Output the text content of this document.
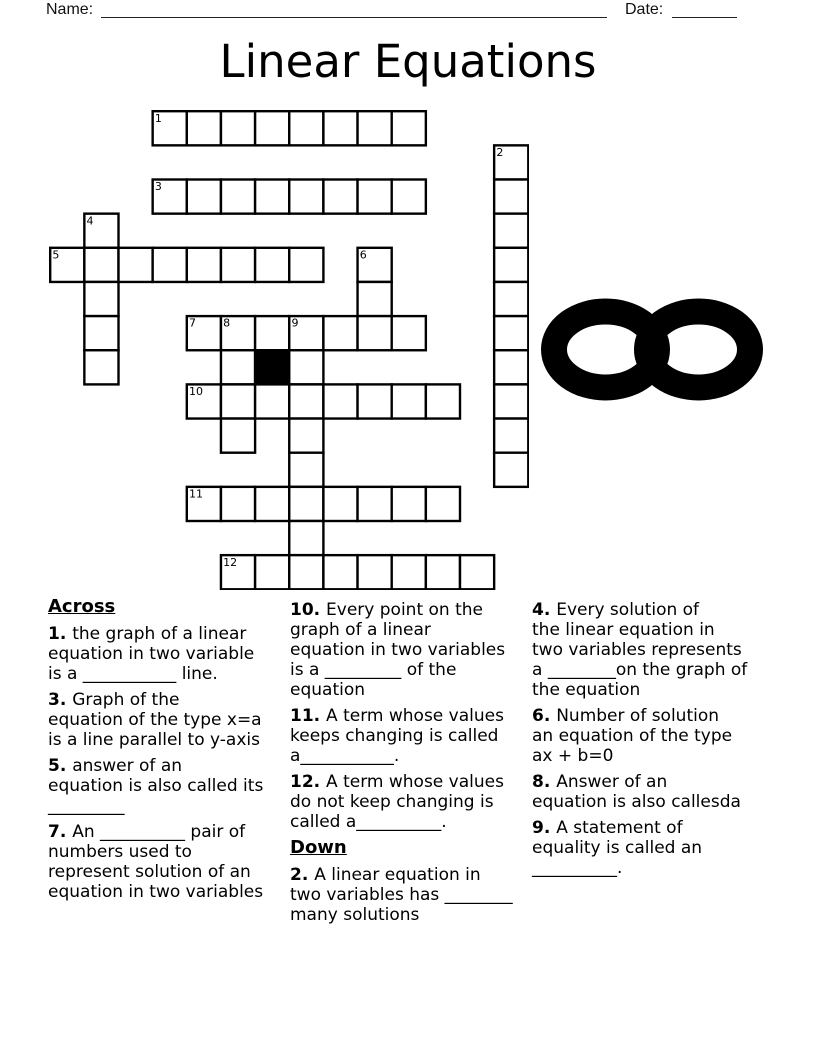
Name:	Date:
Linear Equations
1
2
3
4
5	6
7 8	9
10
11
12
Across
1. the graph of a linear
equation in two variable
is a ___________ line.
3. Graph of the
equation of the type x=a
is a line parallel to y-axis
5. answer of an
equation is also called its
_________
7. An __________ pair of
numbers used to
represent solution of an
equation in two variables
10. Every point on the
graph of a linear
equation in two variables
is a _________ of the
equation
11. A term whose values
keeps changing is called
a___________.
12. A term whose values
do not keep changing is
called a__________.
Down
2. A linear equation in
two variables has ________
many solutions
4. Every solution of
the linear equation in
two variables represents
a ________on the graph of
the equation
6. Number of solution
an equation of the type
ax + b=0
8. Answer of an
equation is also callesda
9. A statement of
equality is called an
__________.
